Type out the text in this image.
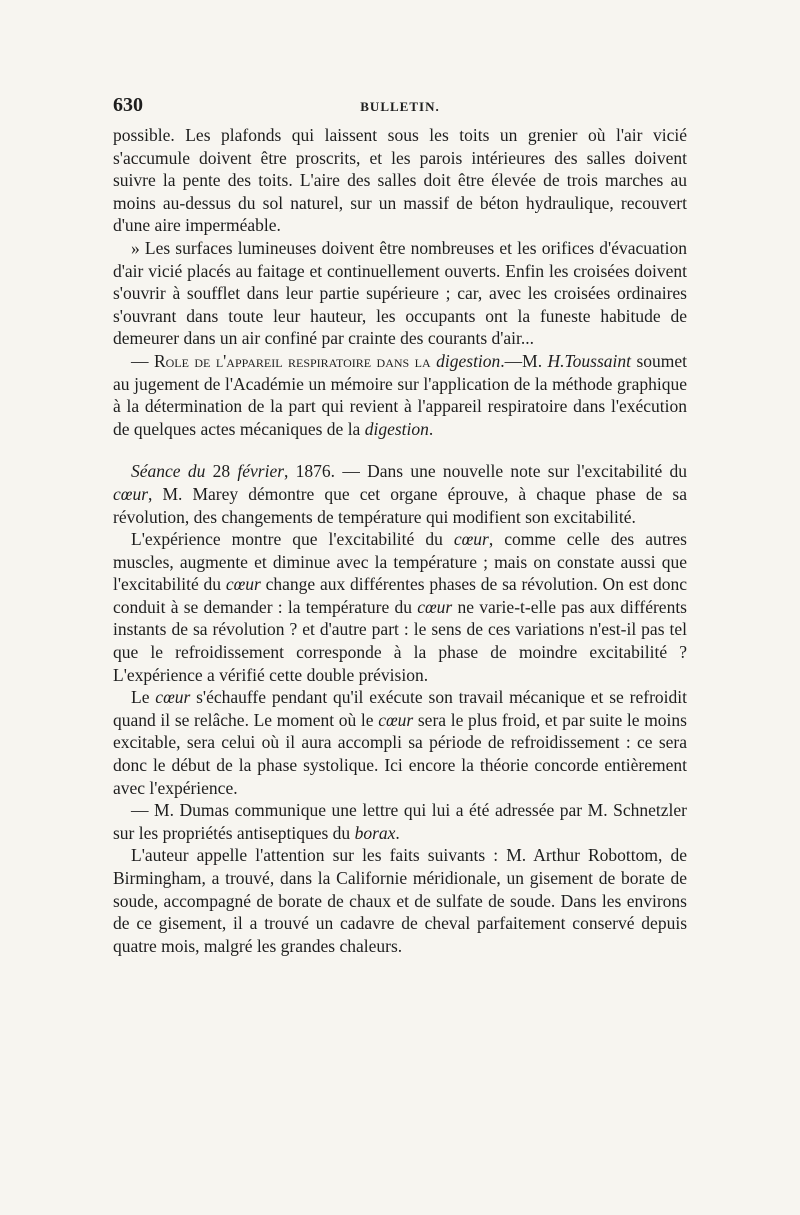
630	BULLETIN.

possible. Les plafonds qui laissent sous les toits un grenier où l'air vicié s'accumule doivent être proscrits, et les parois intérieures des salles doivent suivre la pente des toits. L'aire des salles doit être élevée de trois marches au moins au-dessus du sol naturel, sur un massif de béton hydraulique, recouvert d'une aire imperméable.

» Les surfaces lumineuses doivent être nombreuses et les orifices d'évacuation d'air vicié placés au faitage et continuellement ouverts. Enfin les croisées doivent s'ouvrir à soufflet dans leur partie supérieure ; car, avec les croisées ordinaires s'ouvrant dans toute leur hauteur, les occupants ont la funeste habitude de demeurer dans un air confiné par crainte des courants d'air...

— Role de l'appareil respiratoire dans la digestion.—M. H.Toussaint soumet au jugement de l'Académie un mémoire sur l'application de la méthode graphique à la détermination de la part qui revient à l'appareil respiratoire dans l'exécution de quelques actes mécaniques de la digestion.

Séance du 28 février, 1876. — Dans une nouvelle note sur l'excitabilité du cœur, M. Marey démontre que cet organe éprouve, à chaque phase de sa révolution, des changements de température qui modifient son excitabilité.

L'expérience montre que l'excitabilité du cœur, comme celle des autres muscles, augmente et diminue avec la température ; mais on constate aussi que l'excitabilité du cœur change aux différentes phases de sa révolution. On est donc conduit à se demander : la température du cœur ne varie-t-elle pas aux différents instants de sa révolution ? et d'autre part : le sens de ces variations n'est-il pas tel que le refroidissement corresponde à la phase de moindre excitabilité ? L'expérience a vérifié cette double prévision.

Le cœur s'échauffe pendant qu'il exécute son travail mécanique et se refroidit quand il se relâche. Le moment où le cœur sera le plus froid, et par suite le moins excitable, sera celui où il aura accompli sa période de refroidissement : ce sera donc le début de la phase systolique. Ici encore la théorie concorde entièrement avec l'expérience.

— M. Dumas communique une lettre qui lui a été adressée par M. Schnetzler sur les propriétés antiseptiques du borax.

L'auteur appelle l'attention sur les faits suivants : M. Arthur Robottom, de Birmingham, a trouvé, dans la Californie méridionale, un gisement de borate de soude, accompagné de borate de chaux et de sulfate de soude. Dans les environs de ce gisement, il a trouvé un cadavre de cheval parfaitement conservé depuis quatre mois, malgré les grandes chaleurs.
